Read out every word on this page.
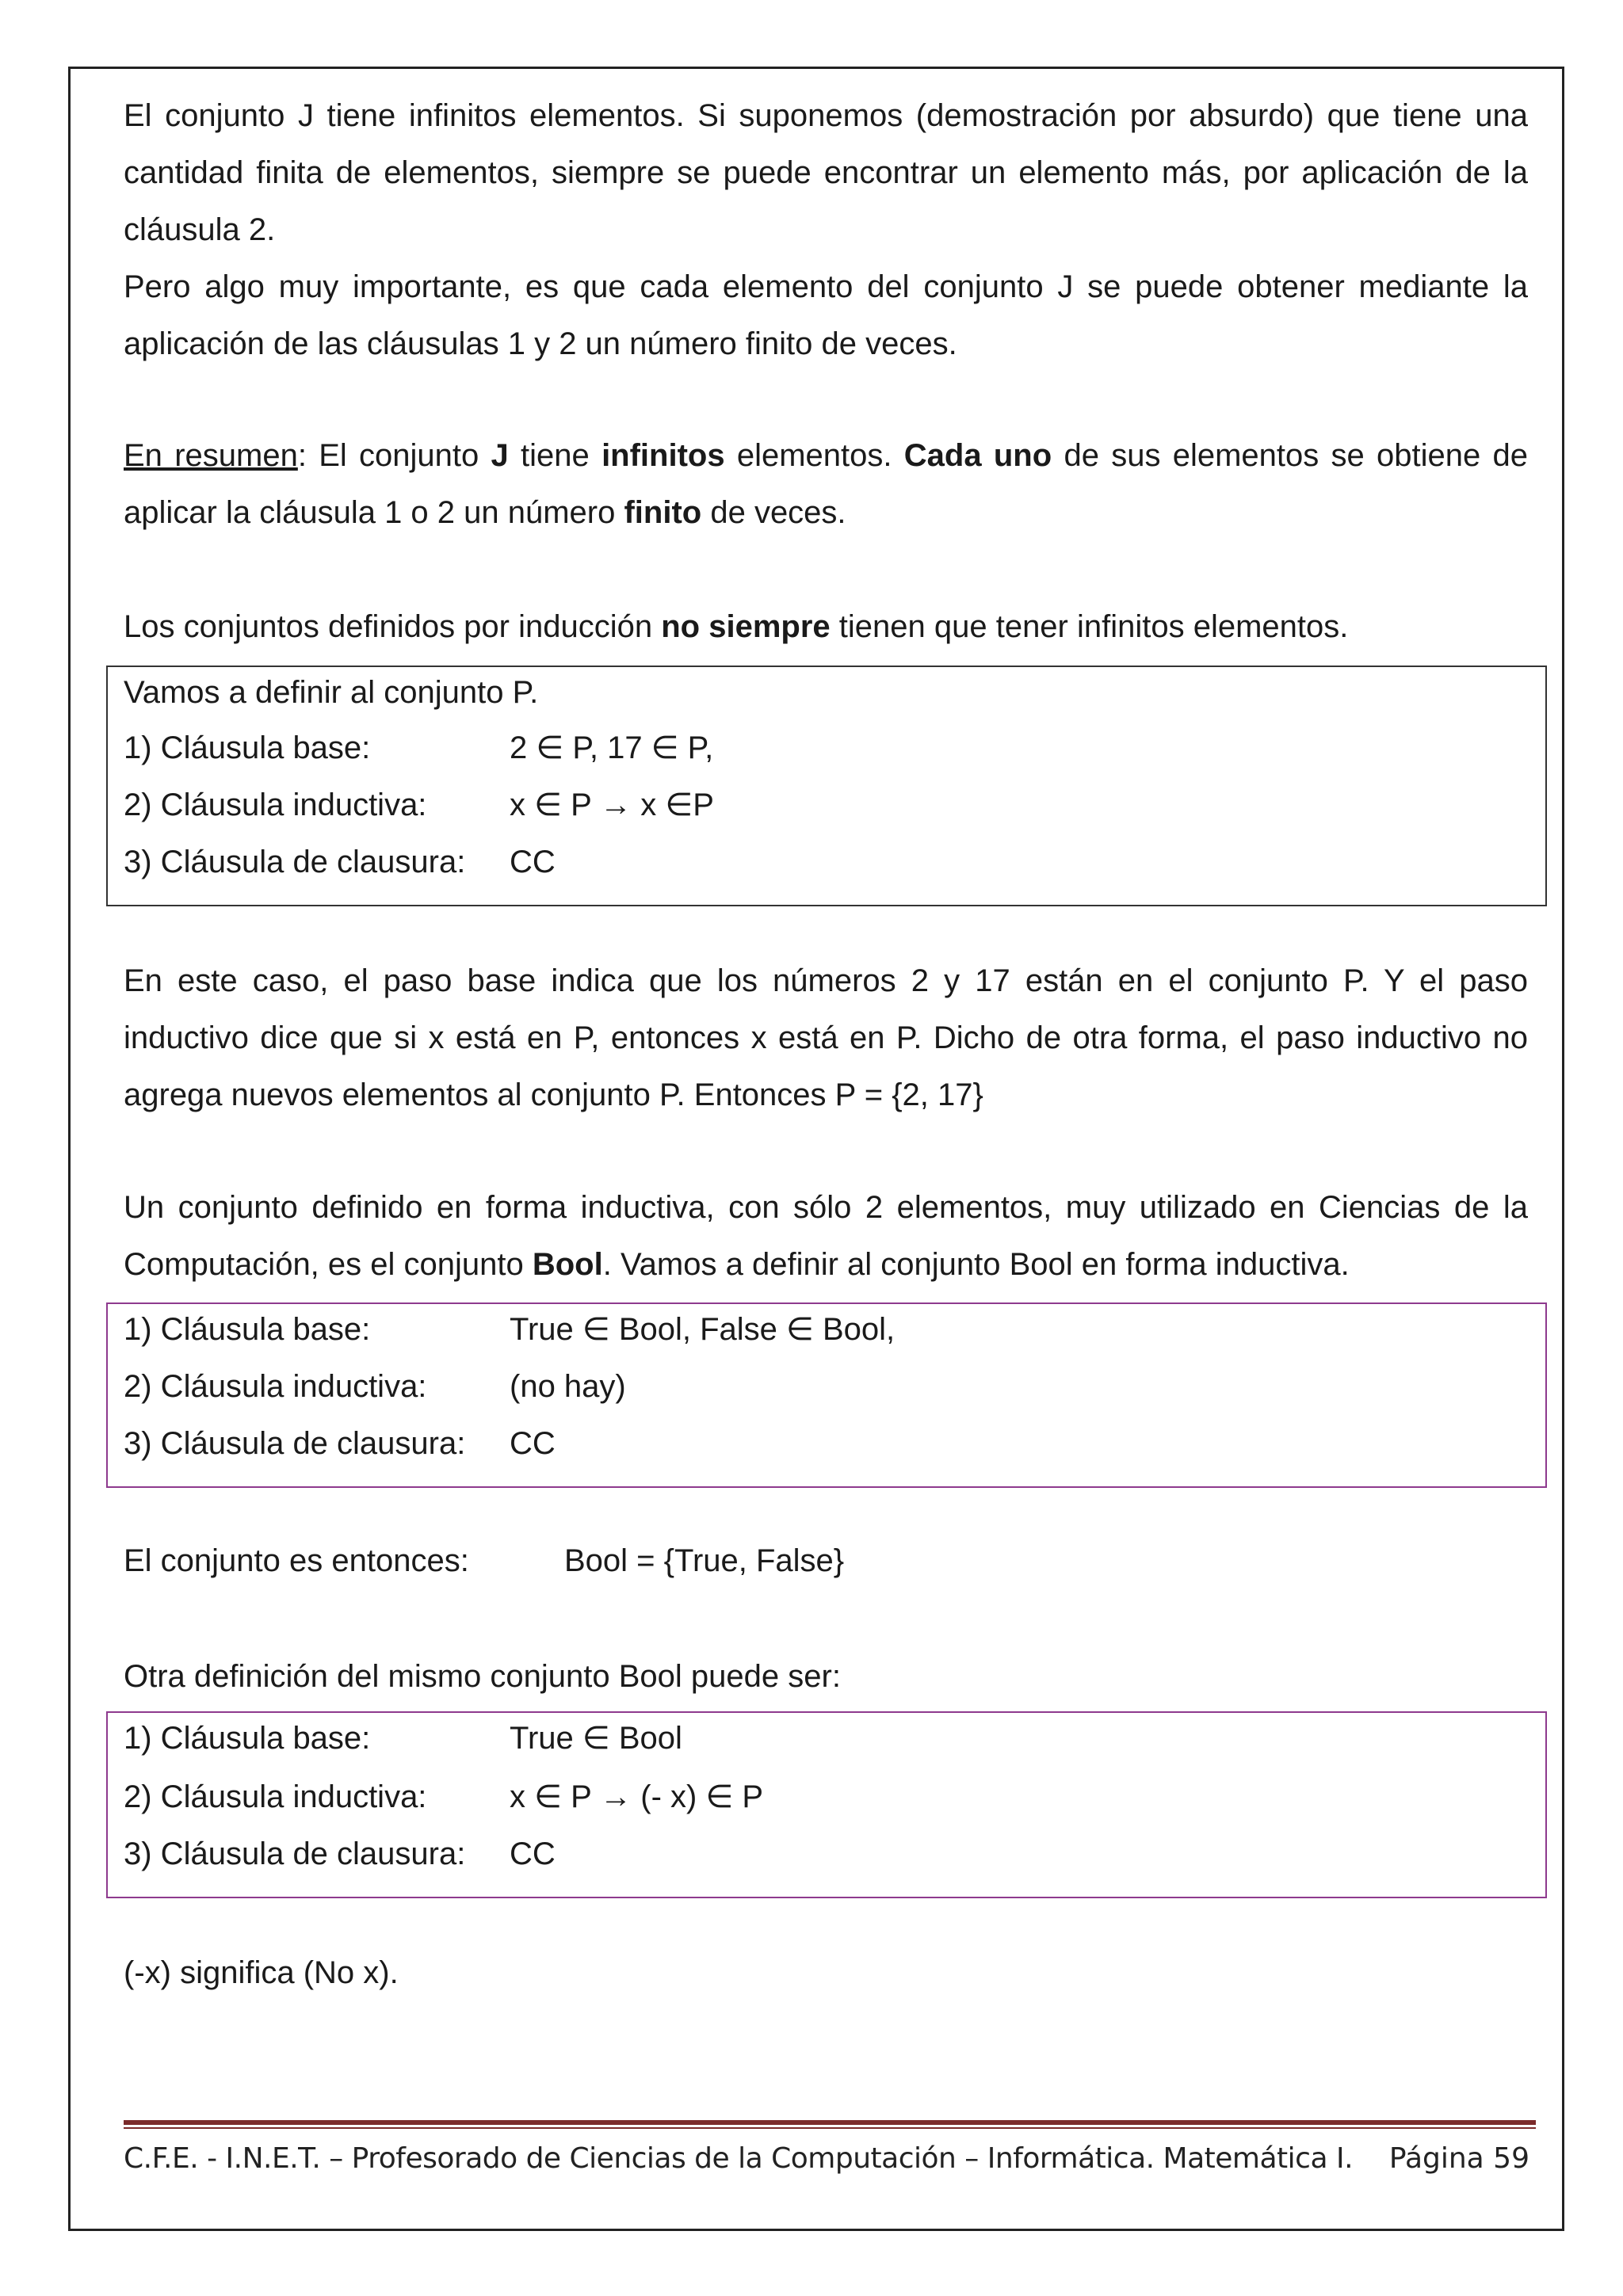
El conjunto J tiene infinitos elementos. Si suponemos (demostración por absurdo) que tiene una cantidad finita de elementos, siempre se puede encontrar un elemento más, por aplicación de la cláusula 2.

Pero algo muy importante, es que cada elemento del conjunto J se puede obtener mediante la aplicación de las cláusulas 1 y 2 un número finito de veces.

En resumen: El conjunto J tiene infinitos elementos. Cada uno de sus elementos se obtiene de aplicar la cláusula 1 o 2 un número finito de veces.

Los conjuntos definidos por inducción no siempre tienen que tener infinitos elementos.
Vamos a definir al conjunto P.
1) Cláusula base:	2 ∈ P, 17 ∈ P,
2) Cláusula inductiva:	x ∈ P → x ∈P
3) Cláusula de clausura: CC

En este caso, el paso base indica que los números 2 y 17 están en el conjunto P. Y el paso inductivo dice que si x está en P, entonces x está en P. Dicho de otra forma, el paso inductivo no agrega nuevos elementos al conjunto P. Entonces P = {2, 17}

Un conjunto definido en forma inductiva, con sólo 2 elementos, muy utilizado en Ciencias de la Computación, es el conjunto Bool. Vamos a definir al conjunto Bool en forma inductiva.

1) Cláusula base:	True ∈ Bool, False ∈ Bool,
2) Cláusula inductiva:	(no hay)
3) Cláusula de clausura: CC
El conjunto es entonces:	Bool = {True, False}
Otra definición del mismo conjunto Bool puede ser:
1) Cláusula base:	True ∈ Bool
2) Cláusula inductiva:	x ∈ P → (- x) ∈ P
3) Cláusula de clausura: CC
(-x) significa (No x).
C.F.E. - I.N.E.T. – Profesorado de Ciencias de la Computación – Informática. Matemática I. Página 59
